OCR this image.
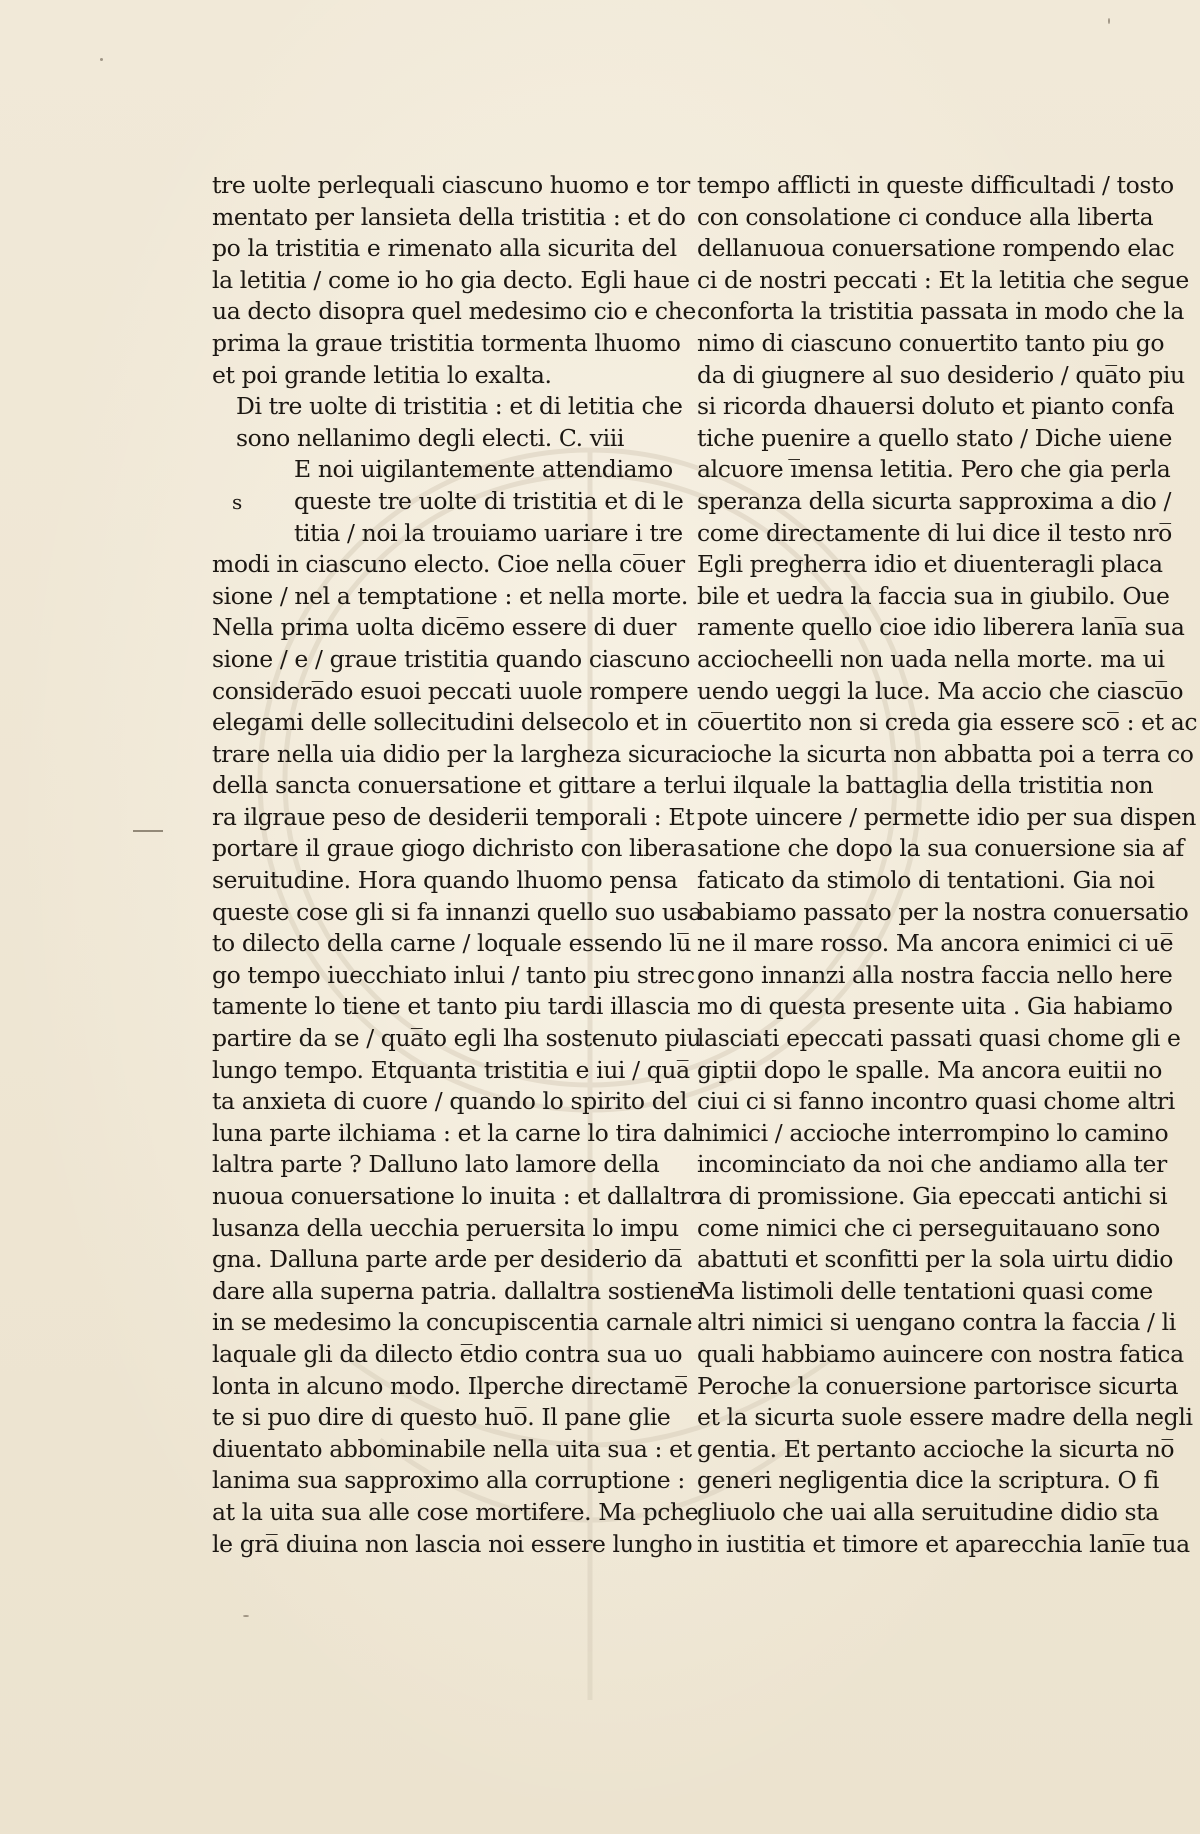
s
tre uolte perlequali ciascuno huomo e tor
mentato per lansieta della tristitia : et do
po la tristitia e rimenato alla sicurita del
la letitia / come io ho gia decto. Egli haue
ua decto disopra quel medesimo cio e che
prima la graue tristitia tormenta lhuomo
et poi grande letitia lo exalta.
Di tre uolte di tristitia : et di letitia che
sono nellanimo degli electi. C. viii
E noi uigilantemente attendiamo
queste tre uolte di tristitia et di le
titia / noi la trouiamo uariare i tre
modi in ciascuno electo. Cioe nella co̅uer
sione / nel a temptatione : et nella morte.
Nella prima uolta dice̅mo essere di duer
sione / e / graue tristitia quando ciascuno
considera̅do esuoi peccati uuole rompere
elegami delle sollecitudini delsecolo et in
trare nella uia didio per la largheza sicura
della sancta conuersatione et gittare a ter
ra ilgraue peso de desiderii temporali : Et
portare il graue giogo dichristo con libera
seruitudine. Hora quando lhuomo pensa
queste cose gli si fa innanzi quello suo usa
to dilecto della carne / loquale essendo lu̅
go tempo iuecchiato inlui / tanto piu strec
tamente lo tiene et tanto piu tardi illascia
partire da se / qua̅to egli lha sostenuto piu
lungo tempo. Etquanta tristitia e iui / qua̅
ta anxieta di cuore / quando lo spirito del
luna parte ilchiama : et la carne lo tira dal
laltra parte ? Dalluno lato lamore della
nuoua conuersatione lo inuita : et dallaltro
lusanza della uecchia peruersita lo impu
gna. Dalluna parte arde per desiderio da̅
dare alla superna patria. dallaltra sostiene
in se medesimo la concupiscentia carnale
laquale gli da dilecto e̅tdio contra sua uo
lonta in alcuno modo. Ilperche directame̅
te si puo dire di questo huo̅. Il pane glie
diuentato abbominabile nella uita sua : et
lanima sua sapproximo alla corruptione :
at la uita sua alle cose mortifere. Ma pche
le gra̅ diuina non lascia noi essere lungho
tempo afflicti in queste difficultadi / tosto
con consolatione ci conduce alla liberta
dellanuoua conuersatione rompendo elac
ci de nostri peccati : Et la letitia che segue
conforta la tristitia passata in modo che la
nimo di ciascuno conuertito tanto piu go
da di giugnere al suo desiderio / qua̅to piu
si ricorda dhauersi doluto et pianto confa
tiche puenire a quello stato / Diche uiene
alcuore i̅mensa letitia. Pero che gia perla
speranza della sicurta sapproxima a dio /
come directamente di lui dice il testo nro̅
Egli pregherra idio et diuenteragli placa
bile et uedra la faccia sua in giubilo. Oue
ramente quello cioe idio liberera lani̅a sua
acciocheelli non uada nella morte. ma ui
uendo ueggi la luce. Ma accio che ciascu̅o
co̅uertito non si creda gia essere sco̅ : et ac
cioche la sicurta non abbatta poi a terra co
lui ilquale la battaglia della tristitia non
pote uincere / permette idio per sua dispen
satione che dopo la sua conuersione sia af
faticato da stimolo di tentationi. Gia noi
babiamo passato per la nostra conuersatio
ne il mare rosso. Ma ancora enimici ci ue̅
gono innanzi alla nostra faccia nello here
mo di questa presente uita . Gia habiamo
lasciati epeccati passati quasi chome gli e
giptii dopo le spalle. Ma ancora euitii no
ciui ci si fanno incontro quasi chome altri
nimici / accioche interrompino lo camino
incominciato da noi che andiamo alla ter
ra di promissione. Gia epeccati antichi si
come nimici che ci perseguitauano sono
abattuti et sconfitti per la sola uirtu didio
Ma listimoli delle tentationi quasi come
altri nimici si uengano contra la faccia / li
quali habbiamo auincere con nostra fatica
Peroche la conuersione partorisce sicurta
et la sicurta suole essere madre della negli
gentia. Et pertanto accioche la sicurta no̅
generi negligentia dice la scriptura. O fi
gliuolo che uai alla seruitudine didio sta
in iustitia et timore et aparecchia lani̅e tua
